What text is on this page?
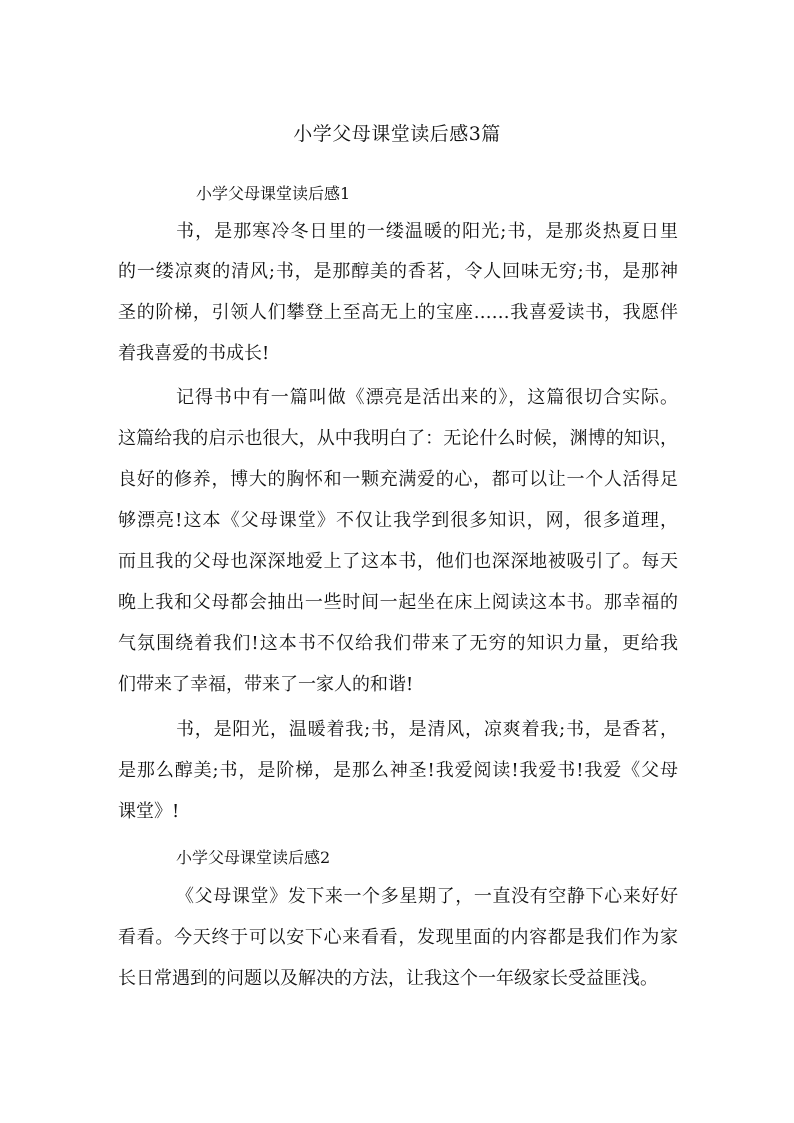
小学父母课堂读后感3篇
小学父母课堂读后感1
书，是那寒冷冬日里的一缕温暖的阳光;书，是那炎热夏日里
的一缕凉爽的清风;书，是那醇美的香茗，令人回味无穷;书，是那神
圣的阶梯，引领人们攀登上至高无上的宝座……我喜爱读书，我愿伴
着我喜爱的书成长!
记得书中有一篇叫做《漂亮是活出来的》，这篇很切合实际。
这篇给我的启示也很大，从中我明白了：无论什么时候，渊博的知识，
良好的修养，博大的胸怀和一颗充满爱的心，都可以让一个人活得足
够漂亮!这本《父母课堂》不仅让我学到很多知识，网，很多道理，
而且我的父母也深深地爱上了这本书，他们也深深地被吸引了。每天
晚上我和父母都会抽出一些时间一起坐在床上阅读这本书。那幸福的
气氛围绕着我们!这本书不仅给我们带来了无穷的知识力量，更给我
们带来了幸福，带来了一家人的和谐!
书，是阳光，温暖着我;书，是清风，凉爽着我;书，是香茗，
是那么醇美;书，是阶梯，是那么神圣!我爱阅读!我爱书!我爱《父母
课堂》!
小学父母课堂读后感2
《父母课堂》发下来一个多星期了，一直没有空静下心来好好
看看。今天终于可以安下心来看看，发现里面的内容都是我们作为家
长日常遇到的问题以及解决的方法，让我这个一年级家长受益匪浅。
